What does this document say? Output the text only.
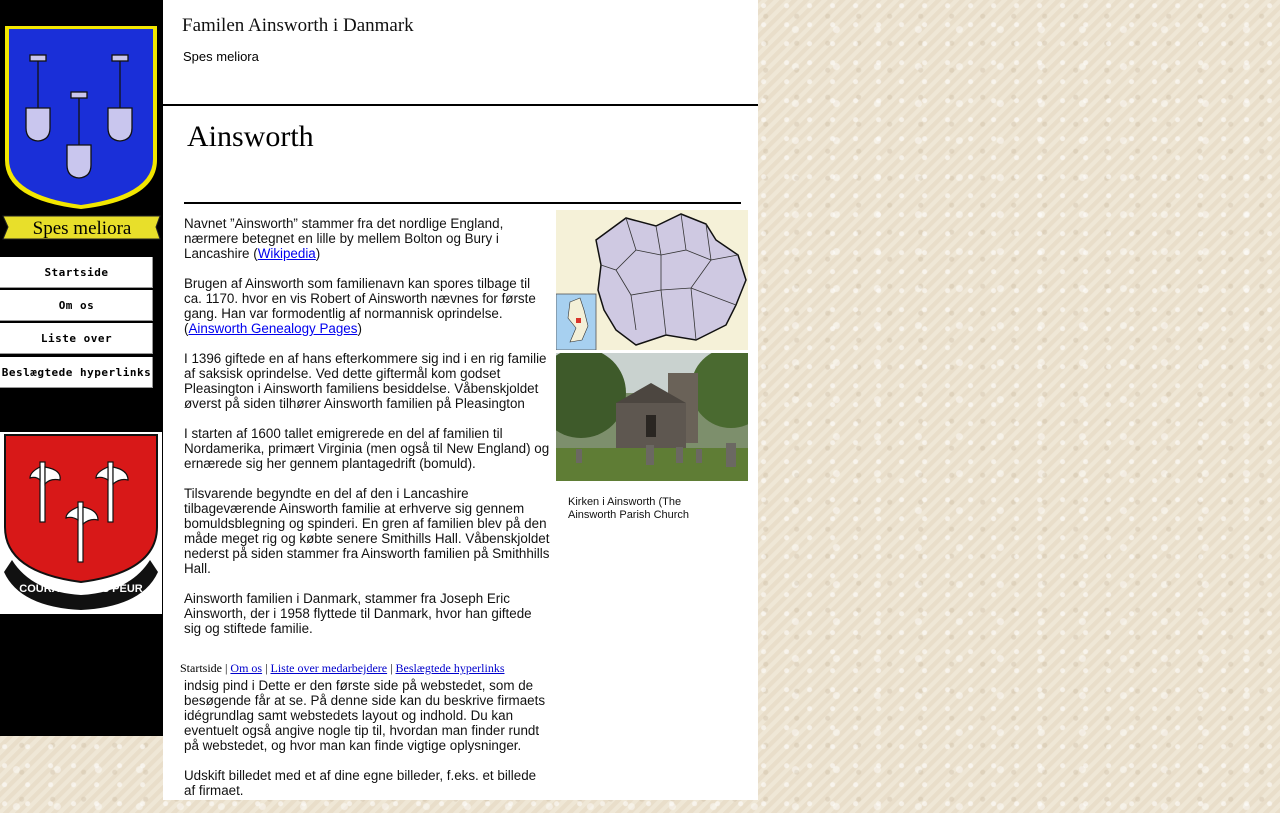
Spes meliora
Startside
Om os
Liste over
Beslægtede hyperlinks
COURAGE SANS PEUR
Familen Ainsworth i Danmark
Spes meliora
Ainsworth

Navnet ”Ainsworth” stammer fra det nordlige England, nærmere betegnet en lille by mellem Bolton og Bury i Lancashire (Wikipedia)

Brugen af Ainsworth som familienavn kan spores tilbage til ca. 1170. hvor en vis Robert of Ainsworth nævnes for første gang. Han var formodentlig af normannisk oprindelse. (Ainsworth Genealogy Pages)

I 1396 giftede en af hans efterkommere sig ind i en rig familie af saksisk oprindelse. Ved dette giftermål kom godset Pleasington i Ainsworth familiens besiddelse. Våbenskjoldet øverst på siden tilhører Ainsworth familien på Pleasington

I starten af 1600 tallet emigrerede en del af familien til Nordamerika, primært Virginia (men også til New England) og ernærede sig her gennem plantagedrift (bomuld).

Tilsvarende begyndte en del af den i Lancashire tilbageværende Ainsworth familie at erhverve sig gennem bomuldsblegning og spinderi. En gren af familien blev på den måde meget rig og købte senere Smithills Hall. Våbenskjoldet nederst på siden stammer fra Ainsworth familien på Smithhills Hall.

Ainsworth familien i Danmark, stammer fra Joseph Eric Ainsworth, der i 1958 flyttede til Danmark, hvor han giftede sig og stiftede familie.

Kirken i Ainsworth (The Ainsworth Parish Church
Startside | Om os | Liste over medarbejdere | Beslægtede hyperlinks

indsig pind i Dette er den første side på webstedet, som de besøgende får at se. På denne side kan du beskrive firmaets idégrundlag samt webstedets layout og indhold. Du kan eventuelt også angive nogle tip til, hvordan man finder rundt på webstedet, og hvor man kan finde vigtige oplysninger.

Udskift billedet med et af dine egne billeder, f.eks. et billede af firmaet.
